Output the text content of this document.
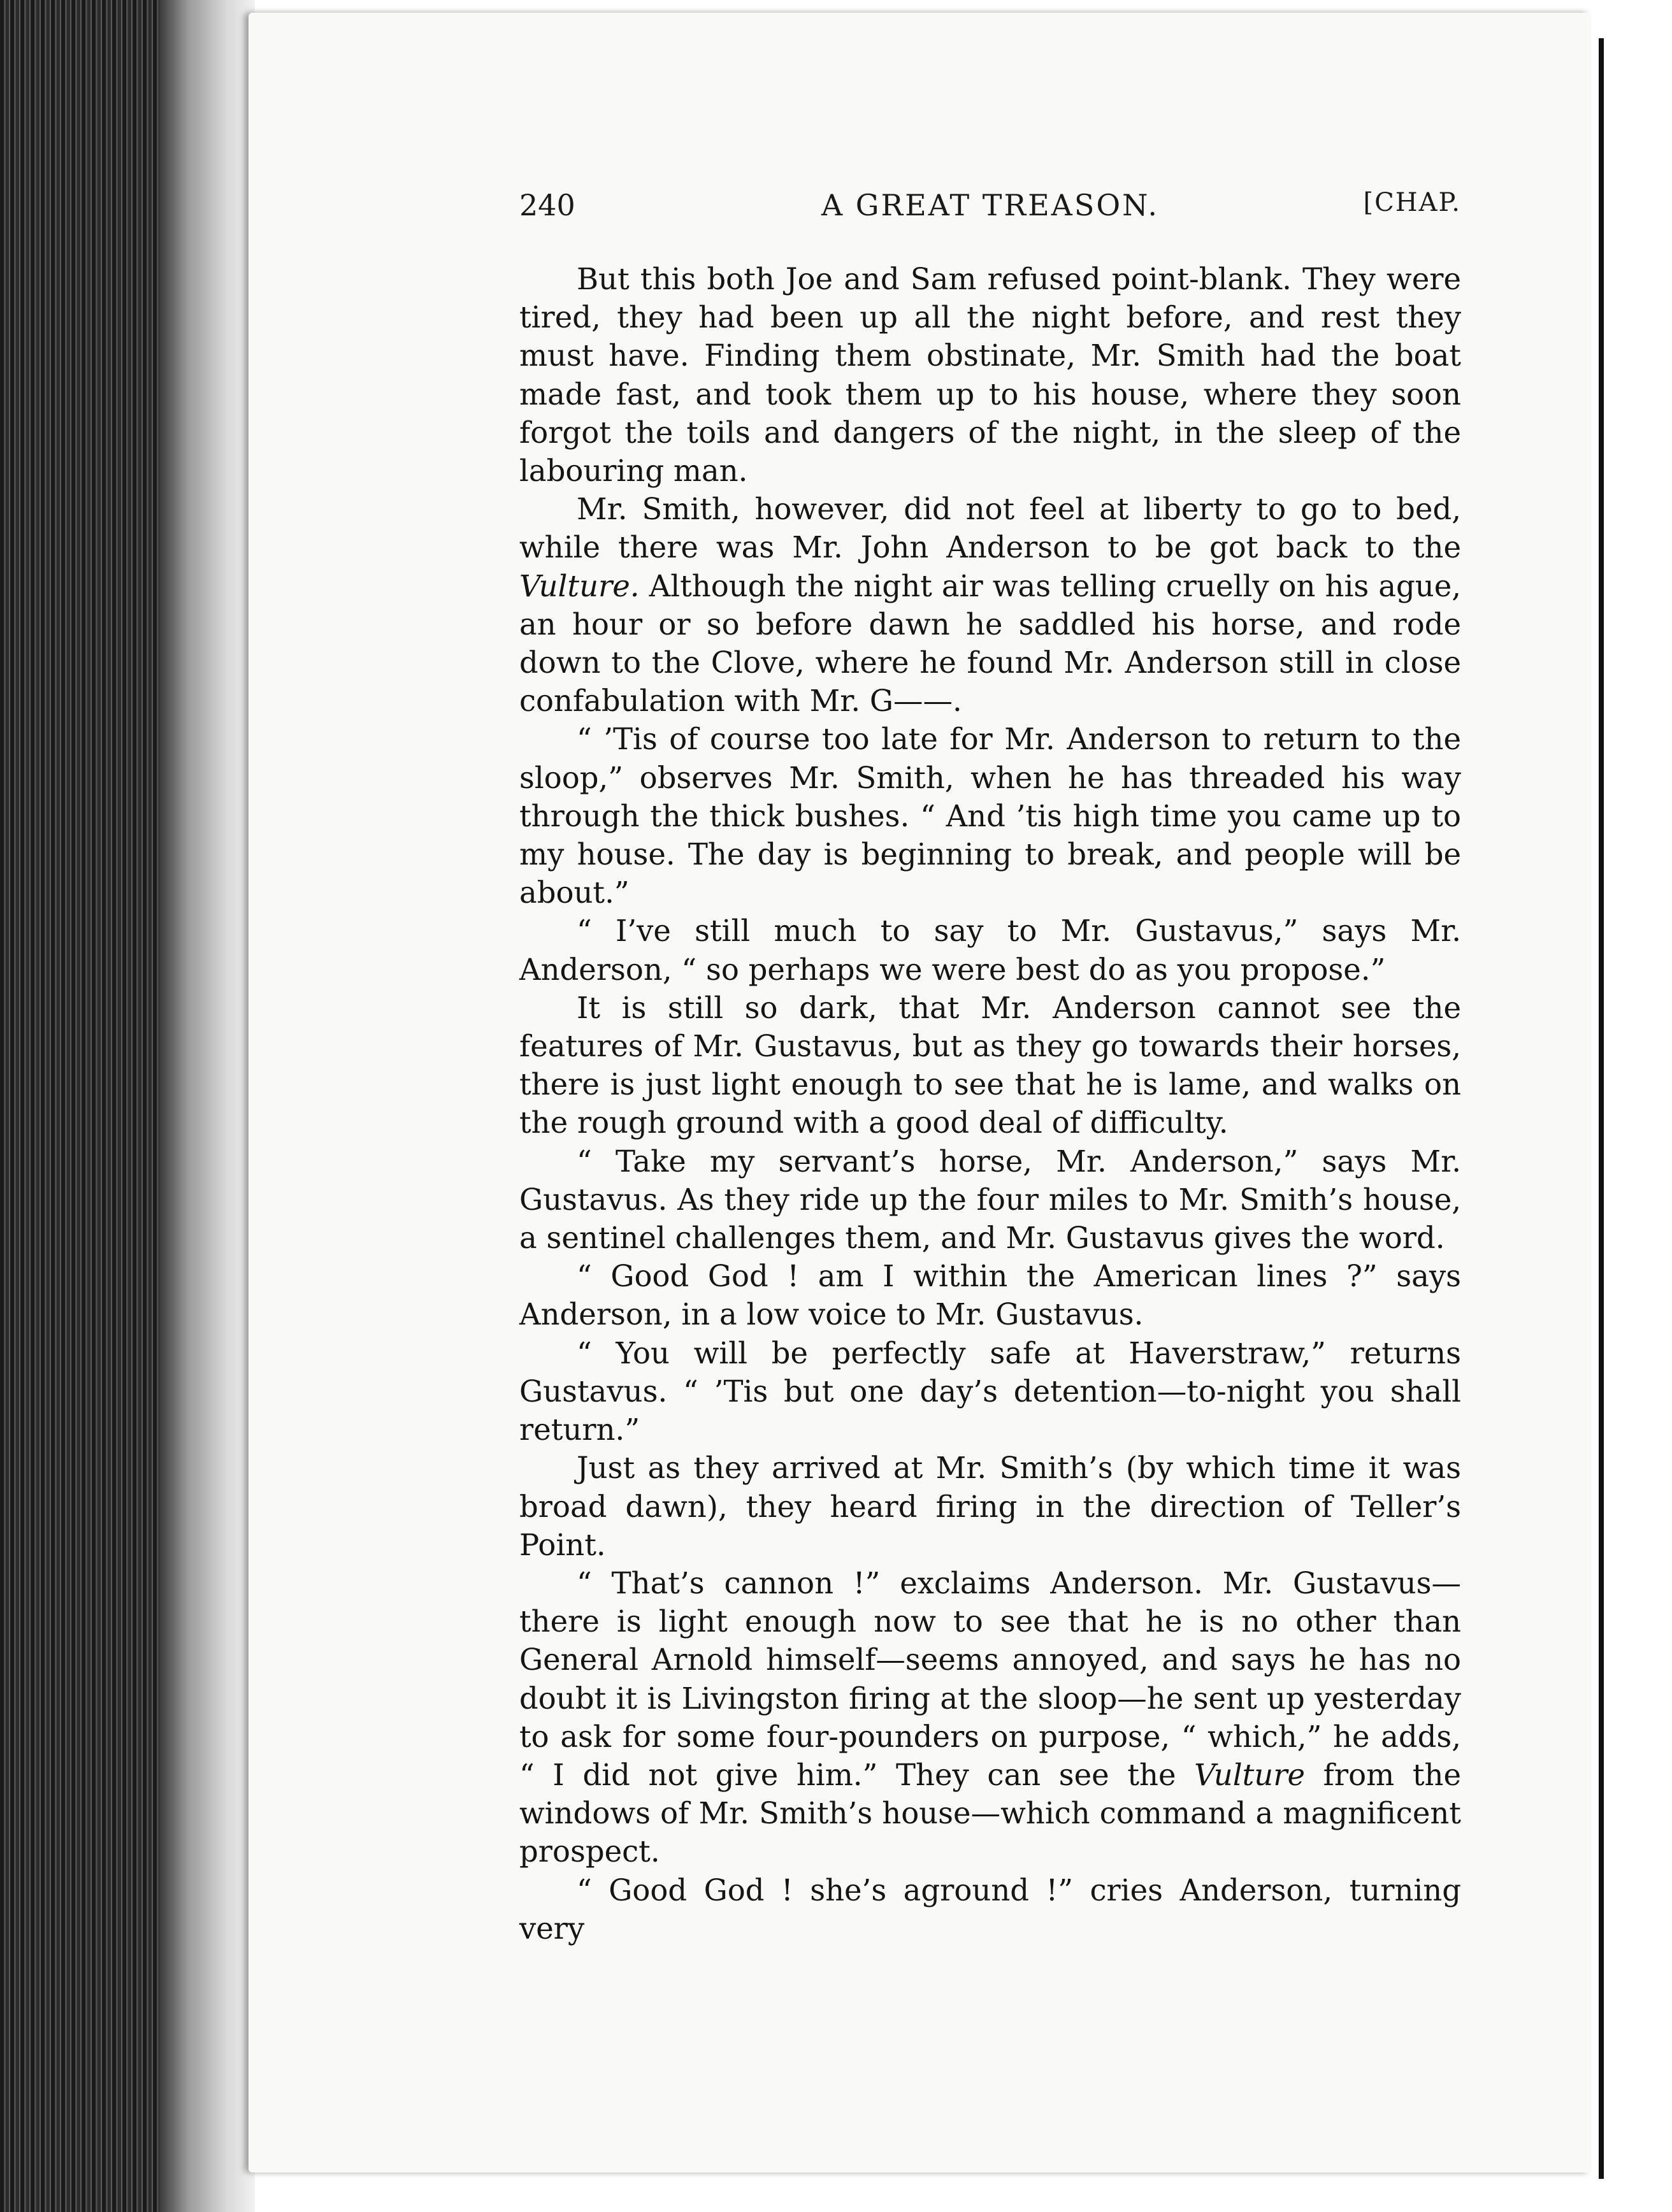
240	A GREAT TREASON.	[CHAP.

But this both Joe and Sam refused point-blank. They were tired, they had been up all the night before, and rest they must have. Finding them obstinate, Mr. Smith had the boat made fast, and took them up to his house, where they soon forgot the toils and dangers of the night, in the sleep of the labouring man.

Mr. Smith, however, did not feel at liberty to go to bed, while there was Mr. John Anderson to be got back to the Vulture. Although the night air was telling cruelly on his ague, an hour or so before dawn he saddled his horse, and rode down to the Clove, where he found Mr. Anderson still in close confabulation with Mr. G——.

“ ’Tis of course too late for Mr. Anderson to return to the sloop,” observes Mr. Smith, when he has threaded his way through the thick bushes. “ And ’tis high time you came up to my house. The day is beginning to break, and people will be about.”

“ I’ve still much to say to Mr. Gustavus,” says Mr. Anderson, “ so perhaps we were best do as you propose.”

It is still so dark, that Mr. Anderson cannot see the features of Mr. Gustavus, but as they go towards their horses, there is just light enough to see that he is lame, and walks on the rough ground with a good deal of difficulty.

“ Take my servant’s horse, Mr. Anderson,” says Mr. Gustavus. As they ride up the four miles to Mr. Smith’s house, a sentinel challenges them, and Mr. Gustavus gives the word.

“ Good God ! am I within the American lines ?” says Anderson, in a low voice to Mr. Gustavus.

“ You will be perfectly safe at Haverstraw,” returns Gustavus. “ ’Tis but one day’s detention—to-night you shall return.”

Just as they arrived at Mr. Smith’s (by which time it was broad dawn), they heard firing in the direction of Teller’s Point.

“ That’s cannon !” exclaims Anderson. Mr. Gustavus—there is light enough now to see that he is no other than General Arnold himself—seems annoyed, and says he has no doubt it is Livingston firing at the sloop—he sent up yesterday to ask for some four-pounders on purpose, “ which,” he adds, “ I did not give him.” They can see the Vulture from the windows of Mr. Smith’s house—which command a magnificent prospect.

“ Good God ! she’s aground !” cries Anderson, turning very
